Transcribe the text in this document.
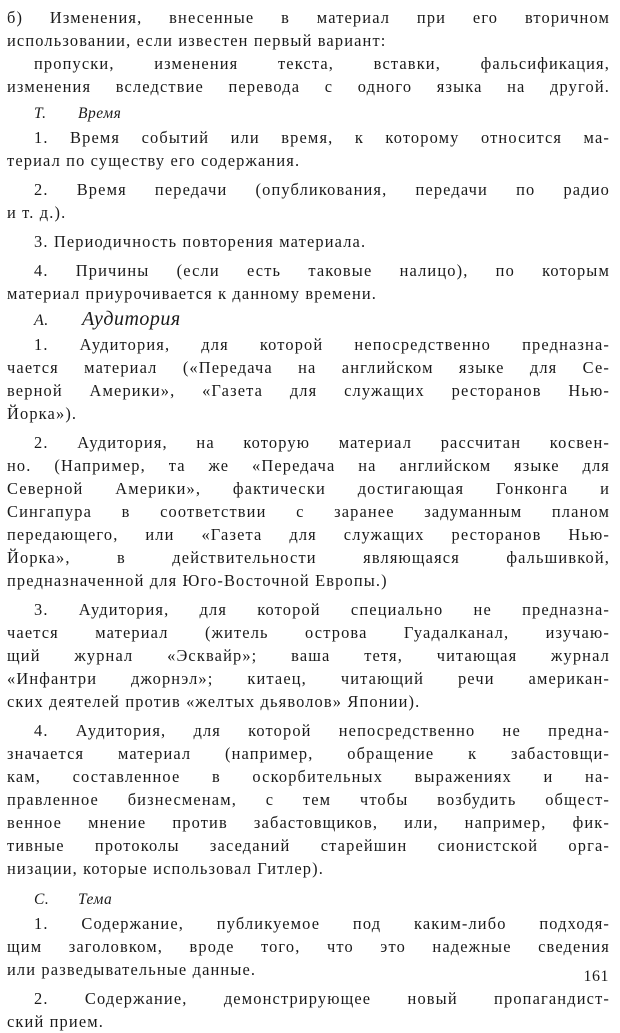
б) Изменения, внесенные в материал при его вторичном
использовании, если известен первый вариант:
пропуски, изменения текста, вставки, фальсификация,
изменения вследствие перевода с одного языка на другой.
Т. Время
1. Время событий или время, к которому относится ма-
териал по существу его содержания.
2. Время передачи (опубликования, передачи по радио
и т. д.).
3. Периодичность повторения материала.
4. Причины (если есть таковые налицо), по которым
материал приурочивается к данному времени.
А. Аудитория
1. Аудитория, для которой непосредственно предназна-
чается материал («Передача на английском языке для Се-
верной Америки», «Газета для служащих ресторанов Нью-
Йорка»).
2. Аудитория, на которую материал рассчитан косвен-
но. (Например, та же «Передача на английском языке для
Северной Америки», фактически достигающая Гонконга и
Сингапура в соответствии с заранее задуманным планом
передающего, или «Газета для служащих ресторанов Нью-
Йорка», в действительности являющаяся фальшивкой,
предназначенной для Юго-Восточной Европы.)
3. Аудитория, для которой специально не предназна-
чается материал (житель острова Гуадалканал, изучаю-
щий журнал «Эсквайр»; ваша тетя, читающая журнал
«Инфантри джорнэл»; китаец, читающий речи американ-
ских деятелей против «желтых дьяволов» Японии).
4. Аудитория, для которой непосредственно не предна-
значается материал (например, обращение к забастовщи-
кам, составленное в оскорбительных выражениях и на-
правленное бизнесменам, с тем чтобы возбудить общест-
венное мнение против забастовщиков, или, например, фик-
тивные протоколы заседаний старейшин сионистской орга-
низации, которые использовал Гитлер).
С. Тема
1. Содержание, публикуемое под каким-либо подходя-
щим заголовком, вроде того, что это надежные сведения
или разведывательные данные.
2. Содержание, демонстрирующее новый пропагандист-
ский прием.
161
